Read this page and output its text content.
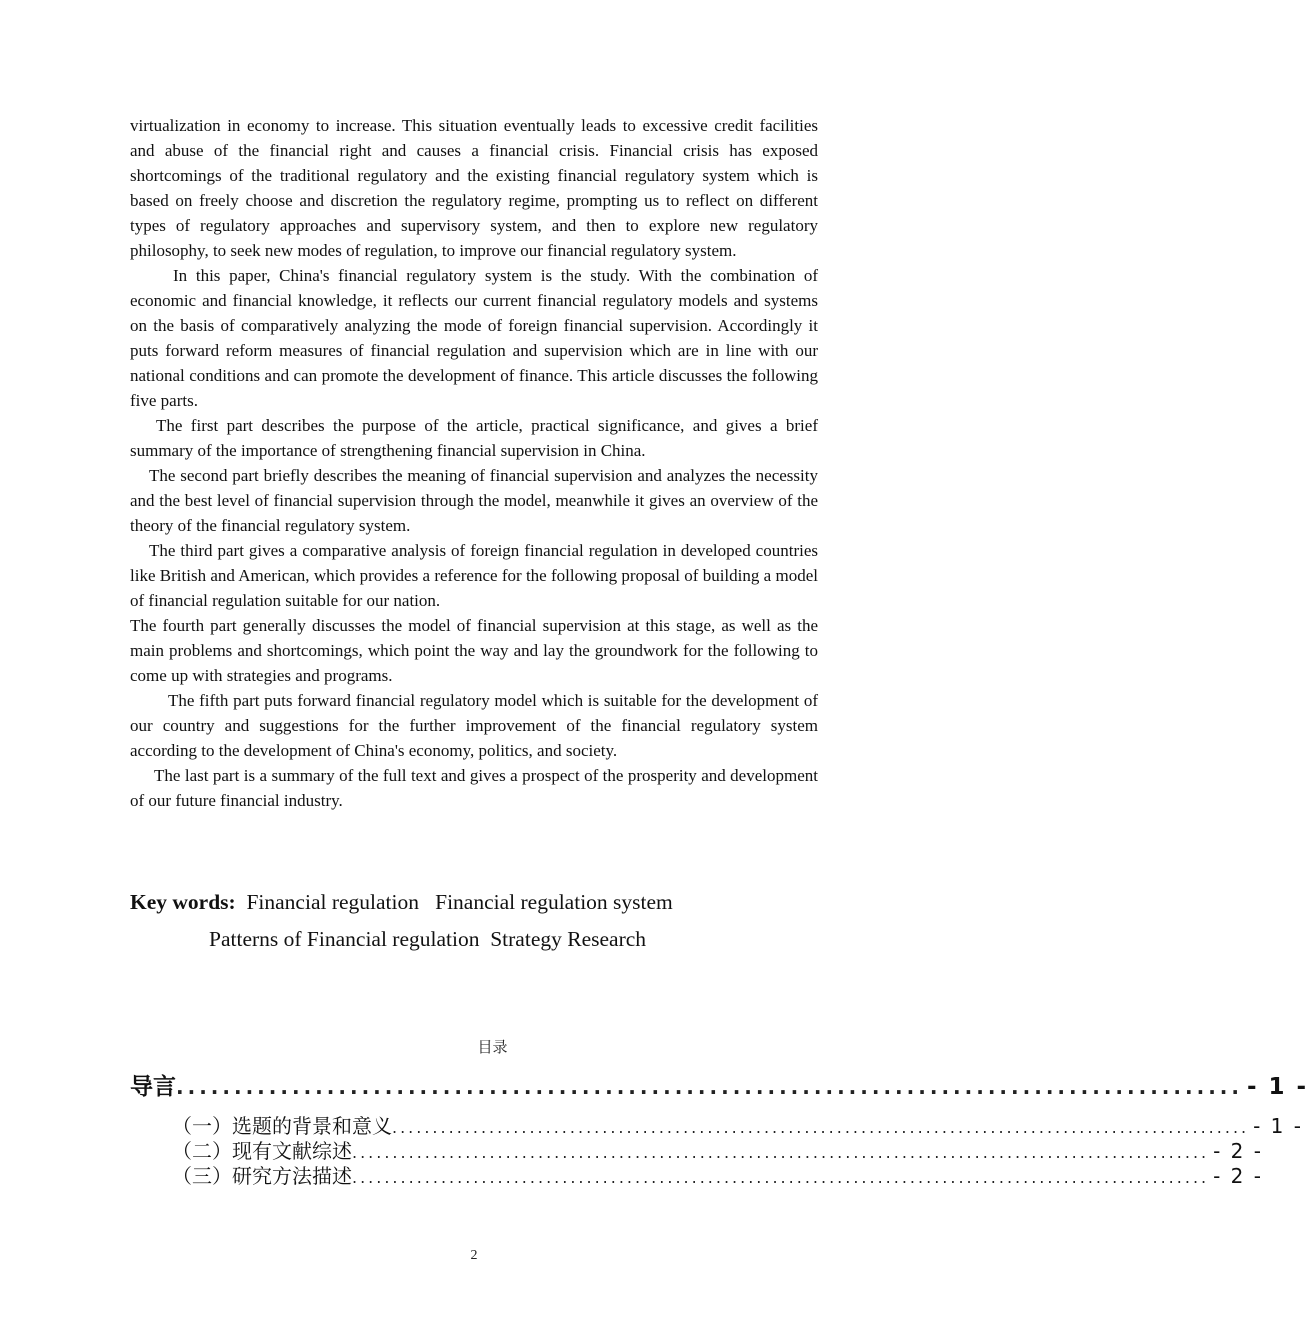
virtualization in economy to increase. This situation eventually leads to excessive credit facilities and abuse of the financial right and causes a financial crisis. Financial crisis has exposed shortcomings of the traditional regulatory and the existing financial regulatory system which is based on freely choose and discretion the regulatory regime, prompting us to reflect on different types of regulatory approaches and supervisory system, and then to explore new regulatory philosophy, to seek new modes of regulation, to improve our financial regulatory system.

In this paper, China's financial regulatory system is the study. With the combination of economic and financial knowledge, it reflects our current financial regulatory models and systems on the basis of comparatively analyzing the mode of foreign financial supervision. Accordingly it puts forward reform measures of financial regulation and supervision which are in line with our national conditions and can promote the development of finance. This article discusses the following five parts.

The first part describes the purpose of the article, practical significance, and gives a brief summary of the importance of strengthening financial supervision in China.

The second part briefly describes the meaning of financial supervision and analyzes the necessity and the best level of financial supervision through the model, meanwhile it gives an overview of the theory of the financial regulatory system.

The third part gives a comparative analysis of foreign financial regulation in developed countries like British and American, which provides a reference for the following proposal of building a model of financial regulation suitable for our nation.

The fourth part generally discusses the model of financial supervision at this stage, as well as the main problems and shortcomings, which point the way and lay the groundwork for the following to come up with strategies and programs.

The fifth part puts forward financial regulatory model which is suitable for the development of our country and suggestions for the further improvement of the financial regulatory system according to the development of China's economy, politics, and society.

The last part is a summary of the full text and gives a prospect of the prosperity and development of our future financial industry.

Key words: Financial regulation   Financial regulation system
Patterns of Financial regulation  Strategy Research
目录
导言 ............................................................................................ - 1 -
（一）选题的背景和意义 .......................................................................................................... - 1 -
（二）现有文献综述 .......................................................................................................... - 2 -
（三）研究方法描述 .......................................................................................................... - 2 -
2
